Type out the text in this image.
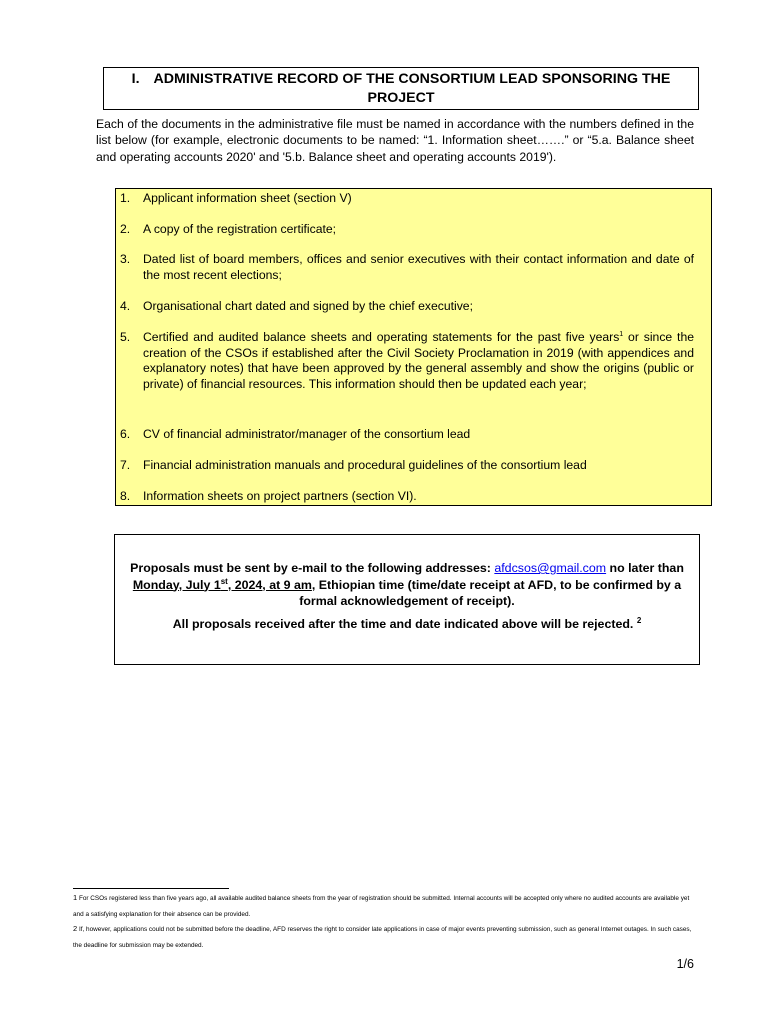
I. ADMINISTRATIVE RECORD OF THE CONSORTIUM LEAD SPONSORING THE PROJECT
Each of the documents in the administrative file must be named in accordance with the numbers defined in the list below (for example, electronic documents to be named: “1. Information sheet…….” or “5.a. Balance sheet and operating accounts 2020' and '5.b. Balance sheet and operating accounts 2019').
1.	Applicant information sheet (section V)
2.	A copy of the registration certificate;
3.	Dated list of board members, offices and senior executives with their contact information and date of the most recent elections;
4.	Organisational chart dated and signed by the chief executive;
5.	Certified and audited balance sheets and operating statements for the past five years$^1$ or since the creation of the CSOs if established after the Civil Society Proclamation in 2019 (with appendices and explanatory notes) that have been approved by the general assembly and show the origins (public or private) of financial resources. This information should then be updated each year;
6.	CV of financial administrator/manager of the consortium lead
7.	Financial administration manuals and procedural guidelines of the consortium lead
8.	Information sheets on project partners (section VI).
Proposals must be sent by e-mail to the following addresses: afdcsos@gmail.com no later than
Monday, July 1st, 2024, at 9 am, Ethiopian time (time/date receipt at AFD, to be confirmed by a formal acknowledgement of receipt).
All proposals received after the time and date indicated above will be rejected. $^2$
1 For CSOs registered less than five years ago, all available audited balance sheets from the year of registration should be submitted. Internal accounts will be accepted only where no audited accounts are available yet and a satisfying explanation for their absence can be provided.
2 If, however, applications could not be submitted before the deadline, AFD reserves the right to consider late applications in case of major events preventing submission, such as general Internet outages. In such cases, the deadline for submission may be extended.
1/6
